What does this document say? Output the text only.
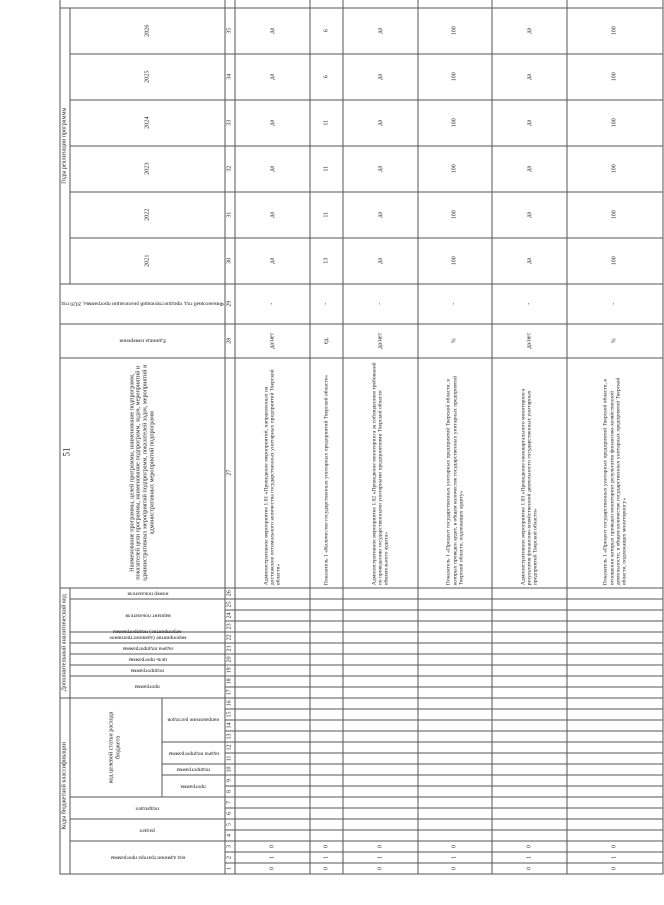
51
Коды бюджетной классификации																Дополнительный аналитический код										Наименование программы, целей программы, наименование подпрограмм, показателей цели программы, наименование подпрограмм, задач, мероприятий и административных мероприятий подпрограмм, показателей задач, мероприятий и административных мероприятий подпрограмм	Единица измерения	Финансовый год, предшествующий реализации программы, 2020 год	Годы реализации программы	

код администратора программы			раздел		подраздел		код целевой статьи расхода бюджета									программа		подпрограмма	цель программы	задача подпрограммы	мероприятие (административное мероприятие) подпрограммы	вариант показателя			номер показателя				2021	2022	2023	2024	2025	2026		

							программа		подпрограмма	задача подпрограммы		направление расходов																								

1	2	3	4	5	6	7	8	9	10	11	12	13	14	15	16	17	18	19	20	21	22	23	24	25	26	27	28	29	30	31	32	33	34	35		
0	1	0																								Административное мероприятие 1.01 «Проведение мероприятий, направленных на достижение оптимального количества государственных унитарных предприятий Тверской области»	да/нет	-	да	да	да	да	да	да	
0	1	0																								Показатель 1 «Количество государственных унитарных предприятий Тверской области»	ед.	-	13	11	11	11	6	6	
0	1	0																								Административное мероприятие 1.02 «Проведение мониторинга за соблюдением требований по проведению государственными унитарными предприятиями Тверской области обязательного аудита»	да/нет	-	да	да	да	да	да	да	
0	1	0																								Показатель 1 «Процент государственных унитарных предприятий Тверской области, в которых проведен аудит, в общем количестве государственных унитарных предприятий Тверской области, подлежащих аудиту»	%	-	100	100	100	100	100	100	
0	1	0																								Административное мероприятие 1.03 «Проведение ежеквартального мониторинга результатов финансово-хозяйственной деятельности государственных унитарных предприятий Тверской области»	да/нет	-	да	да	да	да	да	да	
0	1	0																								Показатель 1 «Процент государственных унитарных предприятий Тверской области, в отношении которых проведен мониторинг результатов финансово-хозяйственной деятельности, в общем количестве государственных унитарных предприятий Тверской области, подлежащих мониторингу»	%	-	100	100	100	100	100	100	
